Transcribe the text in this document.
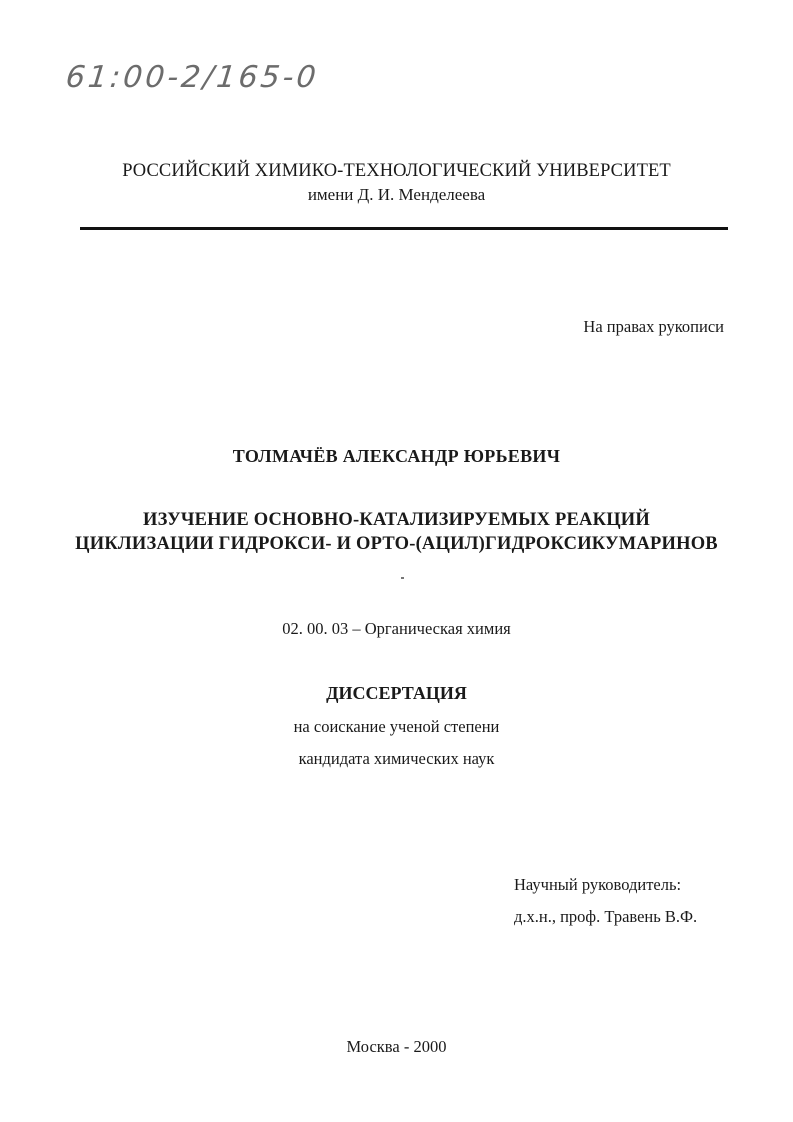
61:00-2/165-0
РОССИЙСКИЙ ХИМИКО-ТЕХНОЛОГИЧЕСКИЙ УНИВЕРСИТЕТ
имени Д. И. Менделеева
На правах рукописи
ТОЛМАЧЁВ АЛЕКСАНДР ЮРЬЕВИЧ
ИЗУЧЕНИЕ ОСНОВНО-КАТАЛИЗИРУЕМЫХ РЕАКЦИЙ
ЦИКЛИЗАЦИИ ГИДРОКСИ- И ОРТО-(АЦИЛ)ГИДРОКСИКУМАРИНОВ
02. 00. 03 – Органическая химия
ДИССЕРТАЦИЯ
на соискание ученой степени
кандидата химических наук
Научный руководитель:
д.х.н., проф. Травень В.Ф.
Москва - 2000
